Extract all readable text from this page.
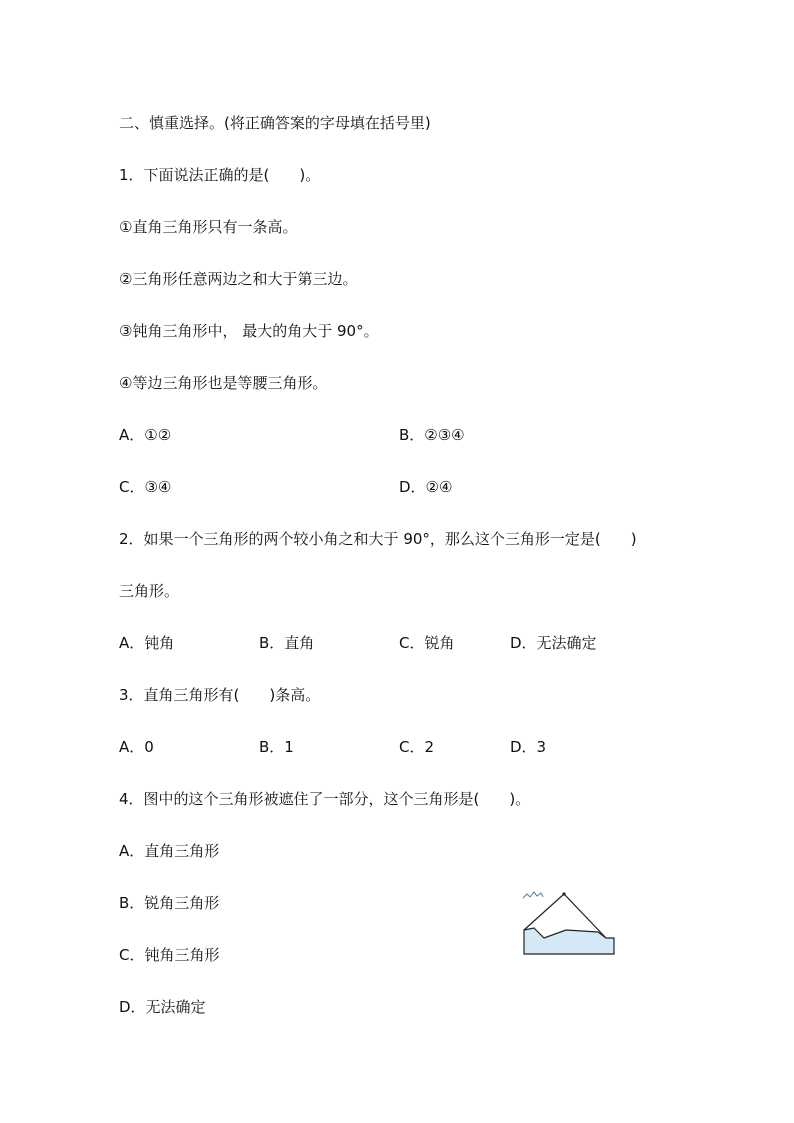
二、慎重选择。(将正确答案的字母填在括号里)
1．下面说法正确的是(　　)。
①直角三角形只有一条高。
②三角形任意两边之和大于第三边。
③钝角三角形中， 最大的角大于 90°。
④等边三角形也是等腰三角形。
A．①②	B．②③④
C．③④	D．②④
2．如果一个三角形的两个较小角之和大于 90°，那么这个三角形一定是(　　)
三角形。
A．钝角	B．直角	C．锐角	D．无法确定
3．直角三角形有(　　)条高。
A．0	B．1	C．2	D．3
4．图中的这个三角形被遮住了一部分，这个三角形是(　　)。
A．直角三角形
B．锐角三角形
C．钝角三角形
D．无法确定
